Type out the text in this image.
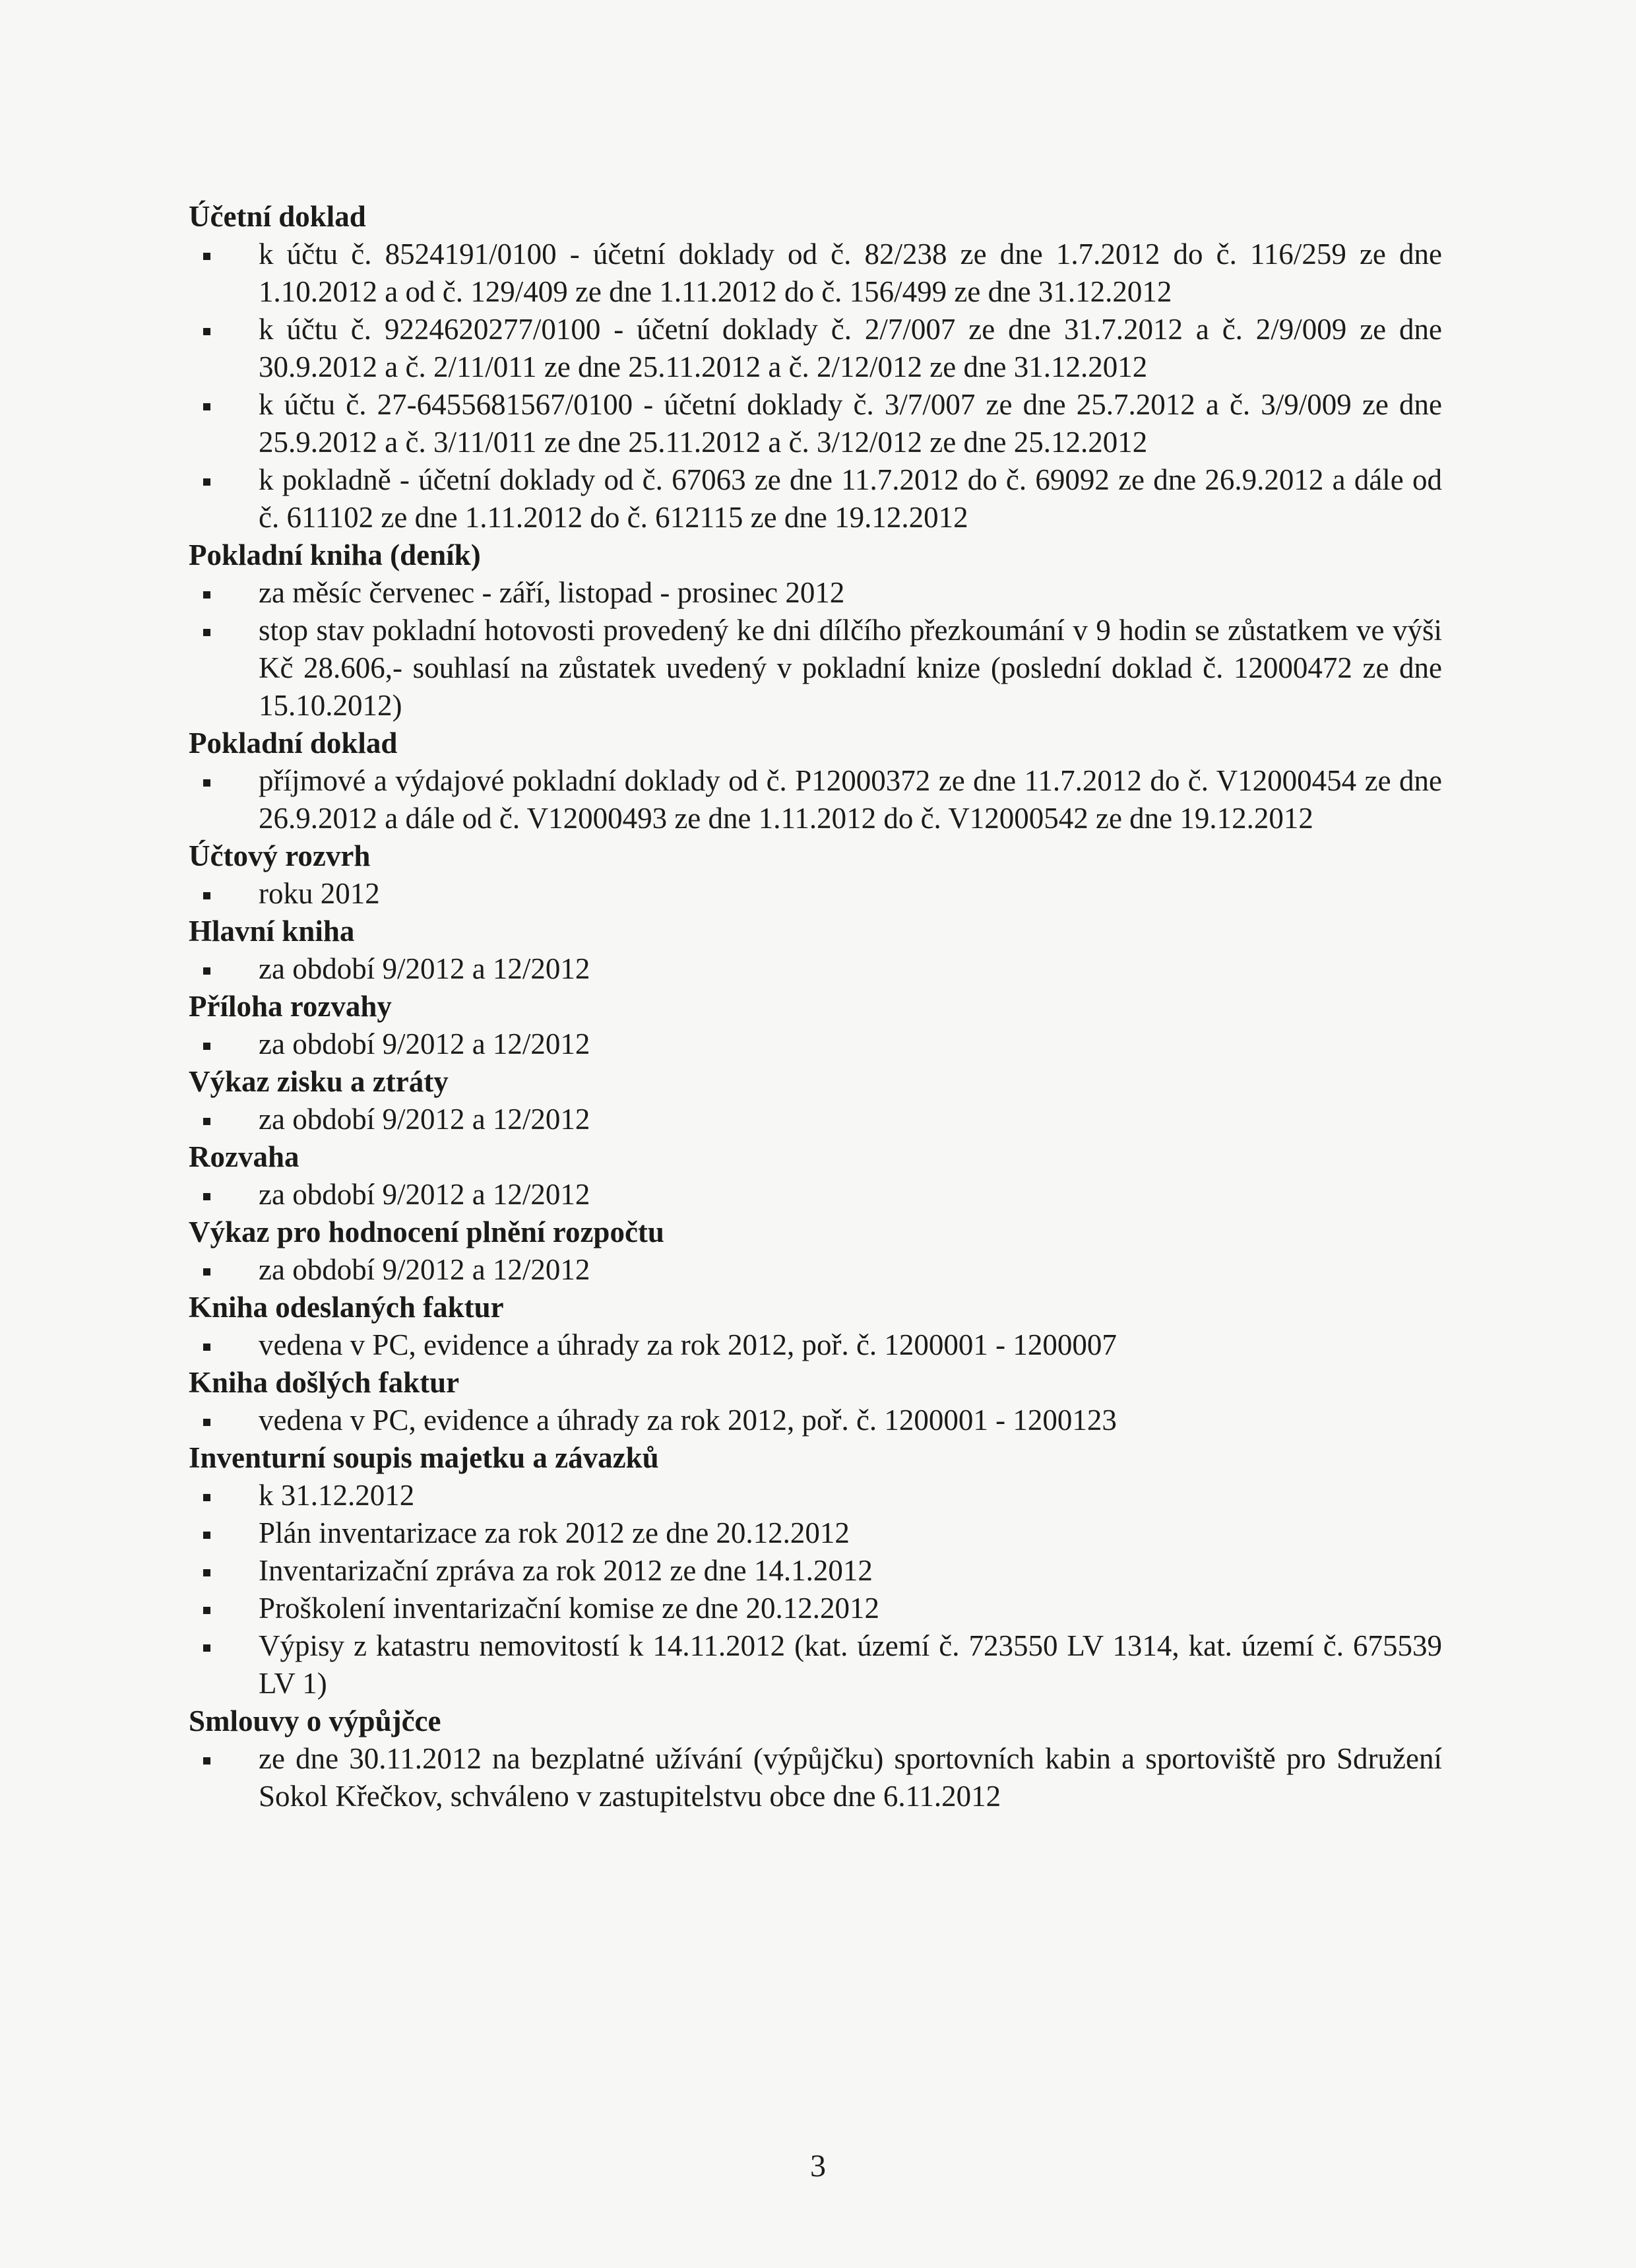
Účetní doklad
k účtu č. 8524191/0100 - účetní doklady od č. 82/238 ze dne 1.7.2012 do č. 116/259 ze dne 1.10.2012 a od č. 129/409 ze dne 1.11.2012 do č. 156/499 ze dne 31.12.2012
k účtu č. 9224620277/0100 - účetní doklady č. 2/7/007 ze dne 31.7.2012 a č. 2/9/009 ze dne 30.9.2012 a č. 2/11/011 ze dne 25.11.2012 a č. 2/12/012 ze dne 31.12.2012
k účtu č. 27-6455681567/0100 - účetní doklady č. 3/7/007 ze dne 25.7.2012 a č. 3/9/009 ze dne 25.9.2012 a č. 3/11/011 ze dne 25.11.2012 a č. 3/12/012 ze dne 25.12.2012
k pokladně - účetní doklady od č. 67063 ze dne 11.7.2012 do č. 69092 ze dne 26.9.2012 a dále od č. 611102 ze dne 1.11.2012 do č. 612115 ze dne 19.12.2012
Pokladní kniha (deník)
za měsíc červenec - září, listopad - prosinec 2012
stop stav pokladní hotovosti provedený ke dni dílčího přezkoumání v 9 hodin se zůstatkem ve výši Kč 28.606,- souhlasí na zůstatek uvedený v pokladní knize (poslední doklad č. 12000472 ze dne 15.10.2012)
Pokladní doklad
příjmové a výdajové pokladní doklady od č. P12000372 ze dne 11.7.2012 do č. V12000454 ze dne 26.9.2012 a dále od č. V12000493 ze dne 1.11.2012 do č. V12000542 ze dne 19.12.2012
Účtový rozvrh
roku 2012
Hlavní kniha
za období 9/2012 a 12/2012
Příloha rozvahy
za období 9/2012 a 12/2012
Výkaz zisku a ztráty
za období 9/2012 a 12/2012
Rozvaha
za období 9/2012 a 12/2012
Výkaz pro hodnocení plnění rozpočtu
za období 9/2012 a 12/2012
Kniha odeslaných faktur
vedena v PC, evidence a úhrady za rok 2012, poř. č. 1200001 - 1200007
Kniha došlých faktur
vedena v PC, evidence a úhrady za rok 2012, poř. č. 1200001 - 1200123
Inventurní soupis majetku a závazků
k 31.12.2012
Plán inventarizace za rok 2012 ze dne 20.12.2012
Inventarizační zpráva za rok 2012 ze dne 14.1.2012
Proškolení inventarizační komise ze dne 20.12.2012
Výpisy z katastru nemovitostí k 14.11.2012 (kat. území č. 723550 LV 1314, kat. území č. 675539 LV 1)
Smlouvy o výpůjčce
ze dne 30.11.2012 na bezplatné užívání (výpůjčku) sportovních kabin a sportoviště pro Sdružení Sokol Křečkov, schváleno v zastupitelstvu obce dne 6.11.2012
3
